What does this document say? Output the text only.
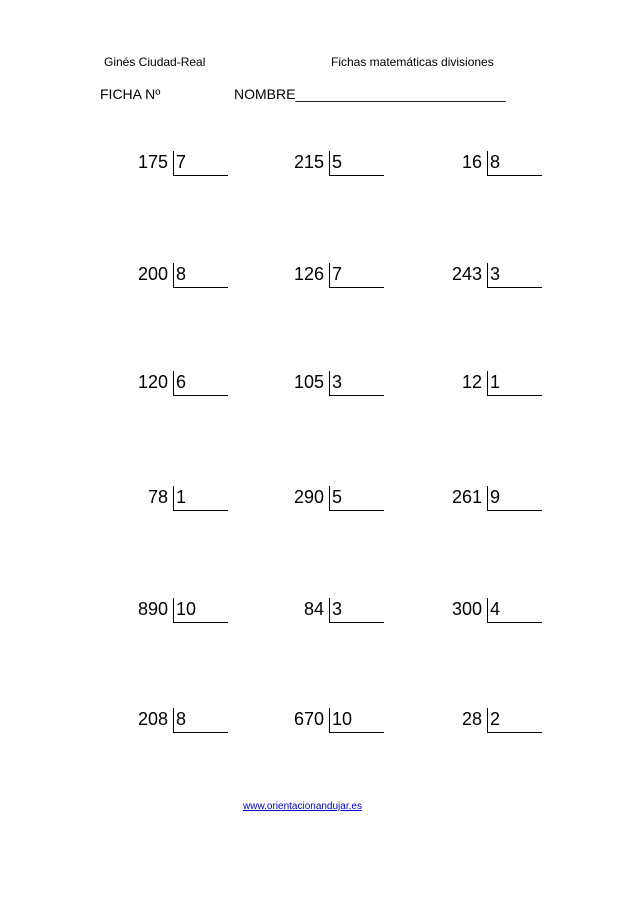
Ginés Ciudad-Real	Fichas matemáticas divisiones
FICHA Nº	NOMBRE___________________________
175 7	215 5	16 8
200 8	126 7	243 3
120 6	105 3	12 1
78 1	290 5	261 9
890 10	84 3	300 4
208 8	670 10	28 2
www.orientacionandujar.es
